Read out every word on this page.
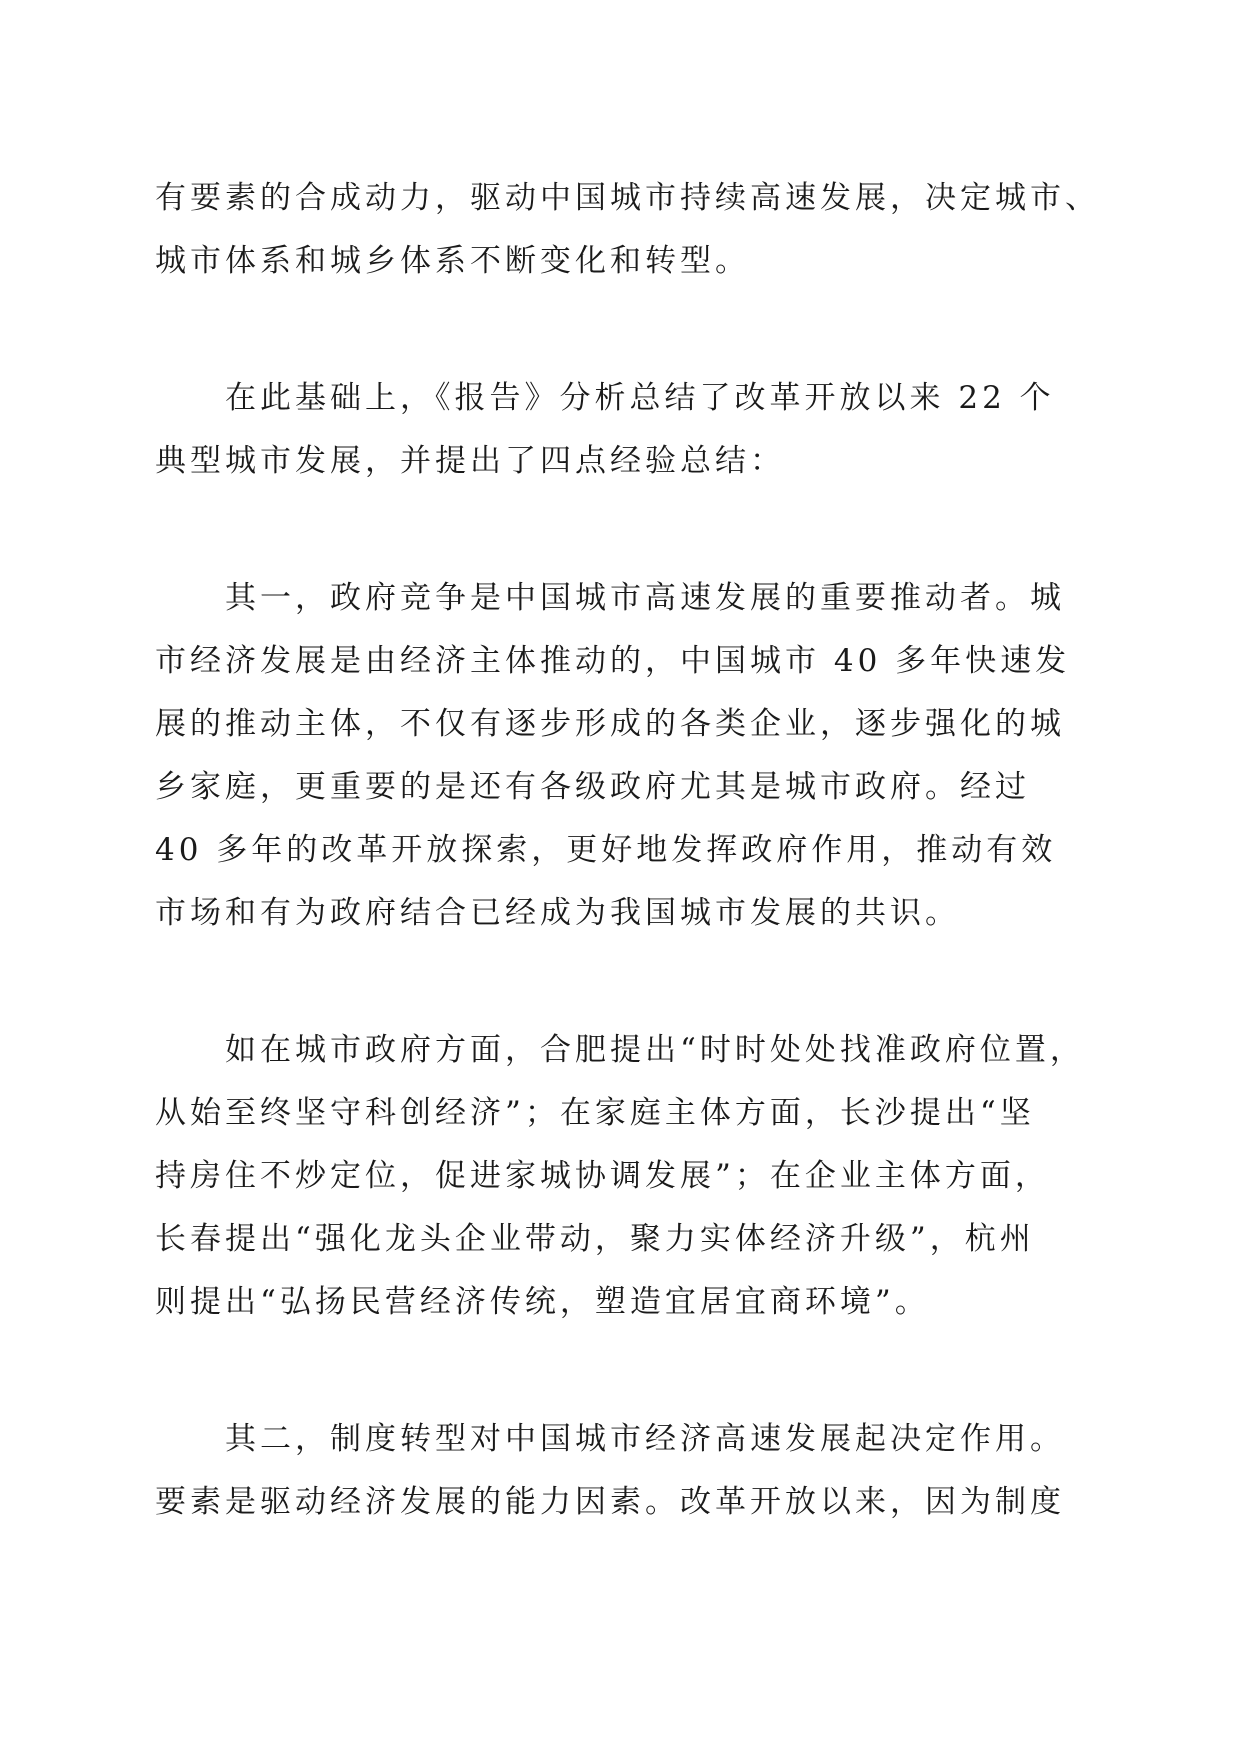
有要素的合成动力，驱动中国城市持续高速发展，决定城市、
城市体系和城乡体系不断变化和转型。
　　在此基础上，《报告》分析总结了改革开放以来 22 个
典型城市发展，并提出了四点经验总结：
　　其一，政府竞争是中国城市高速发展的重要推动者。城
市经济发展是由经济主体推动的，中国城市 40 多年快速发
展的推动主体，不仅有逐步形成的各类企业，逐步强化的城
乡家庭，更重要的是还有各级政府尤其是城市政府。经过
40 多年的改革开放探索，更好地发挥政府作用，推动有效
市场和有为政府结合已经成为我国城市发展的共识。
　　如在城市政府方面，合肥提出“时时处处找准政府位置，
从始至终坚守科创经济”；在家庭主体方面，长沙提出“坚
持房住不炒定位，促进家城协调发展”；在企业主体方面，
长春提出“强化龙头企业带动，聚力实体经济升级”，杭州
则提出“弘扬民营经济传统，塑造宜居宜商环境”。
　　其二，制度转型对中国城市经济高速发展起决定作用。
要素是驱动经济发展的能力因素。改革开放以来，因为制度
